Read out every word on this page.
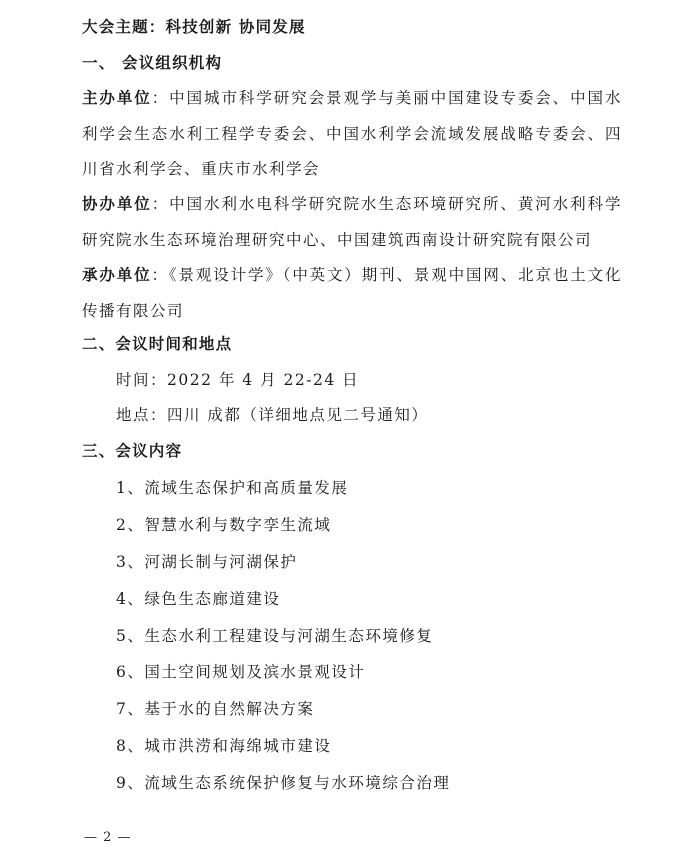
大会主题：科技创新 协同发展
一、 会议组织机构
主办单位：中国城市科学研究会景观学与美丽中国建设专委会、中国水利学会生态水利工程学专委会、中国水利学会流域发展战略专委会、四川省水利学会、重庆市水利学会
协办单位：中国水利水电科学研究院水生态环境研究所、黄河水利科学研究院水生态环境治理研究中心、中国建筑西南设计研究院有限公司
承办单位：《景观设计学》（中英文）期刊、景观中国网、北京也土文化传播有限公司
二、会议时间和地点
时间：2022 年 4 月 22-24 日
地点：四川 成都（详细地点见二号通知）
三、会议内容
1、流域生态保护和高质量发展
2、智慧水利与数字孪生流域
3、河湖长制与河湖保护
4、绿色生态廊道建设
5、生态水利工程建设与河湖生态环境修复
6、国土空间规划及滨水景观设计
7、基于水的自然解决方案
8、城市洪涝和海绵城市建设
9、流域生态系统保护修复与水环境综合治理
— 2 —
